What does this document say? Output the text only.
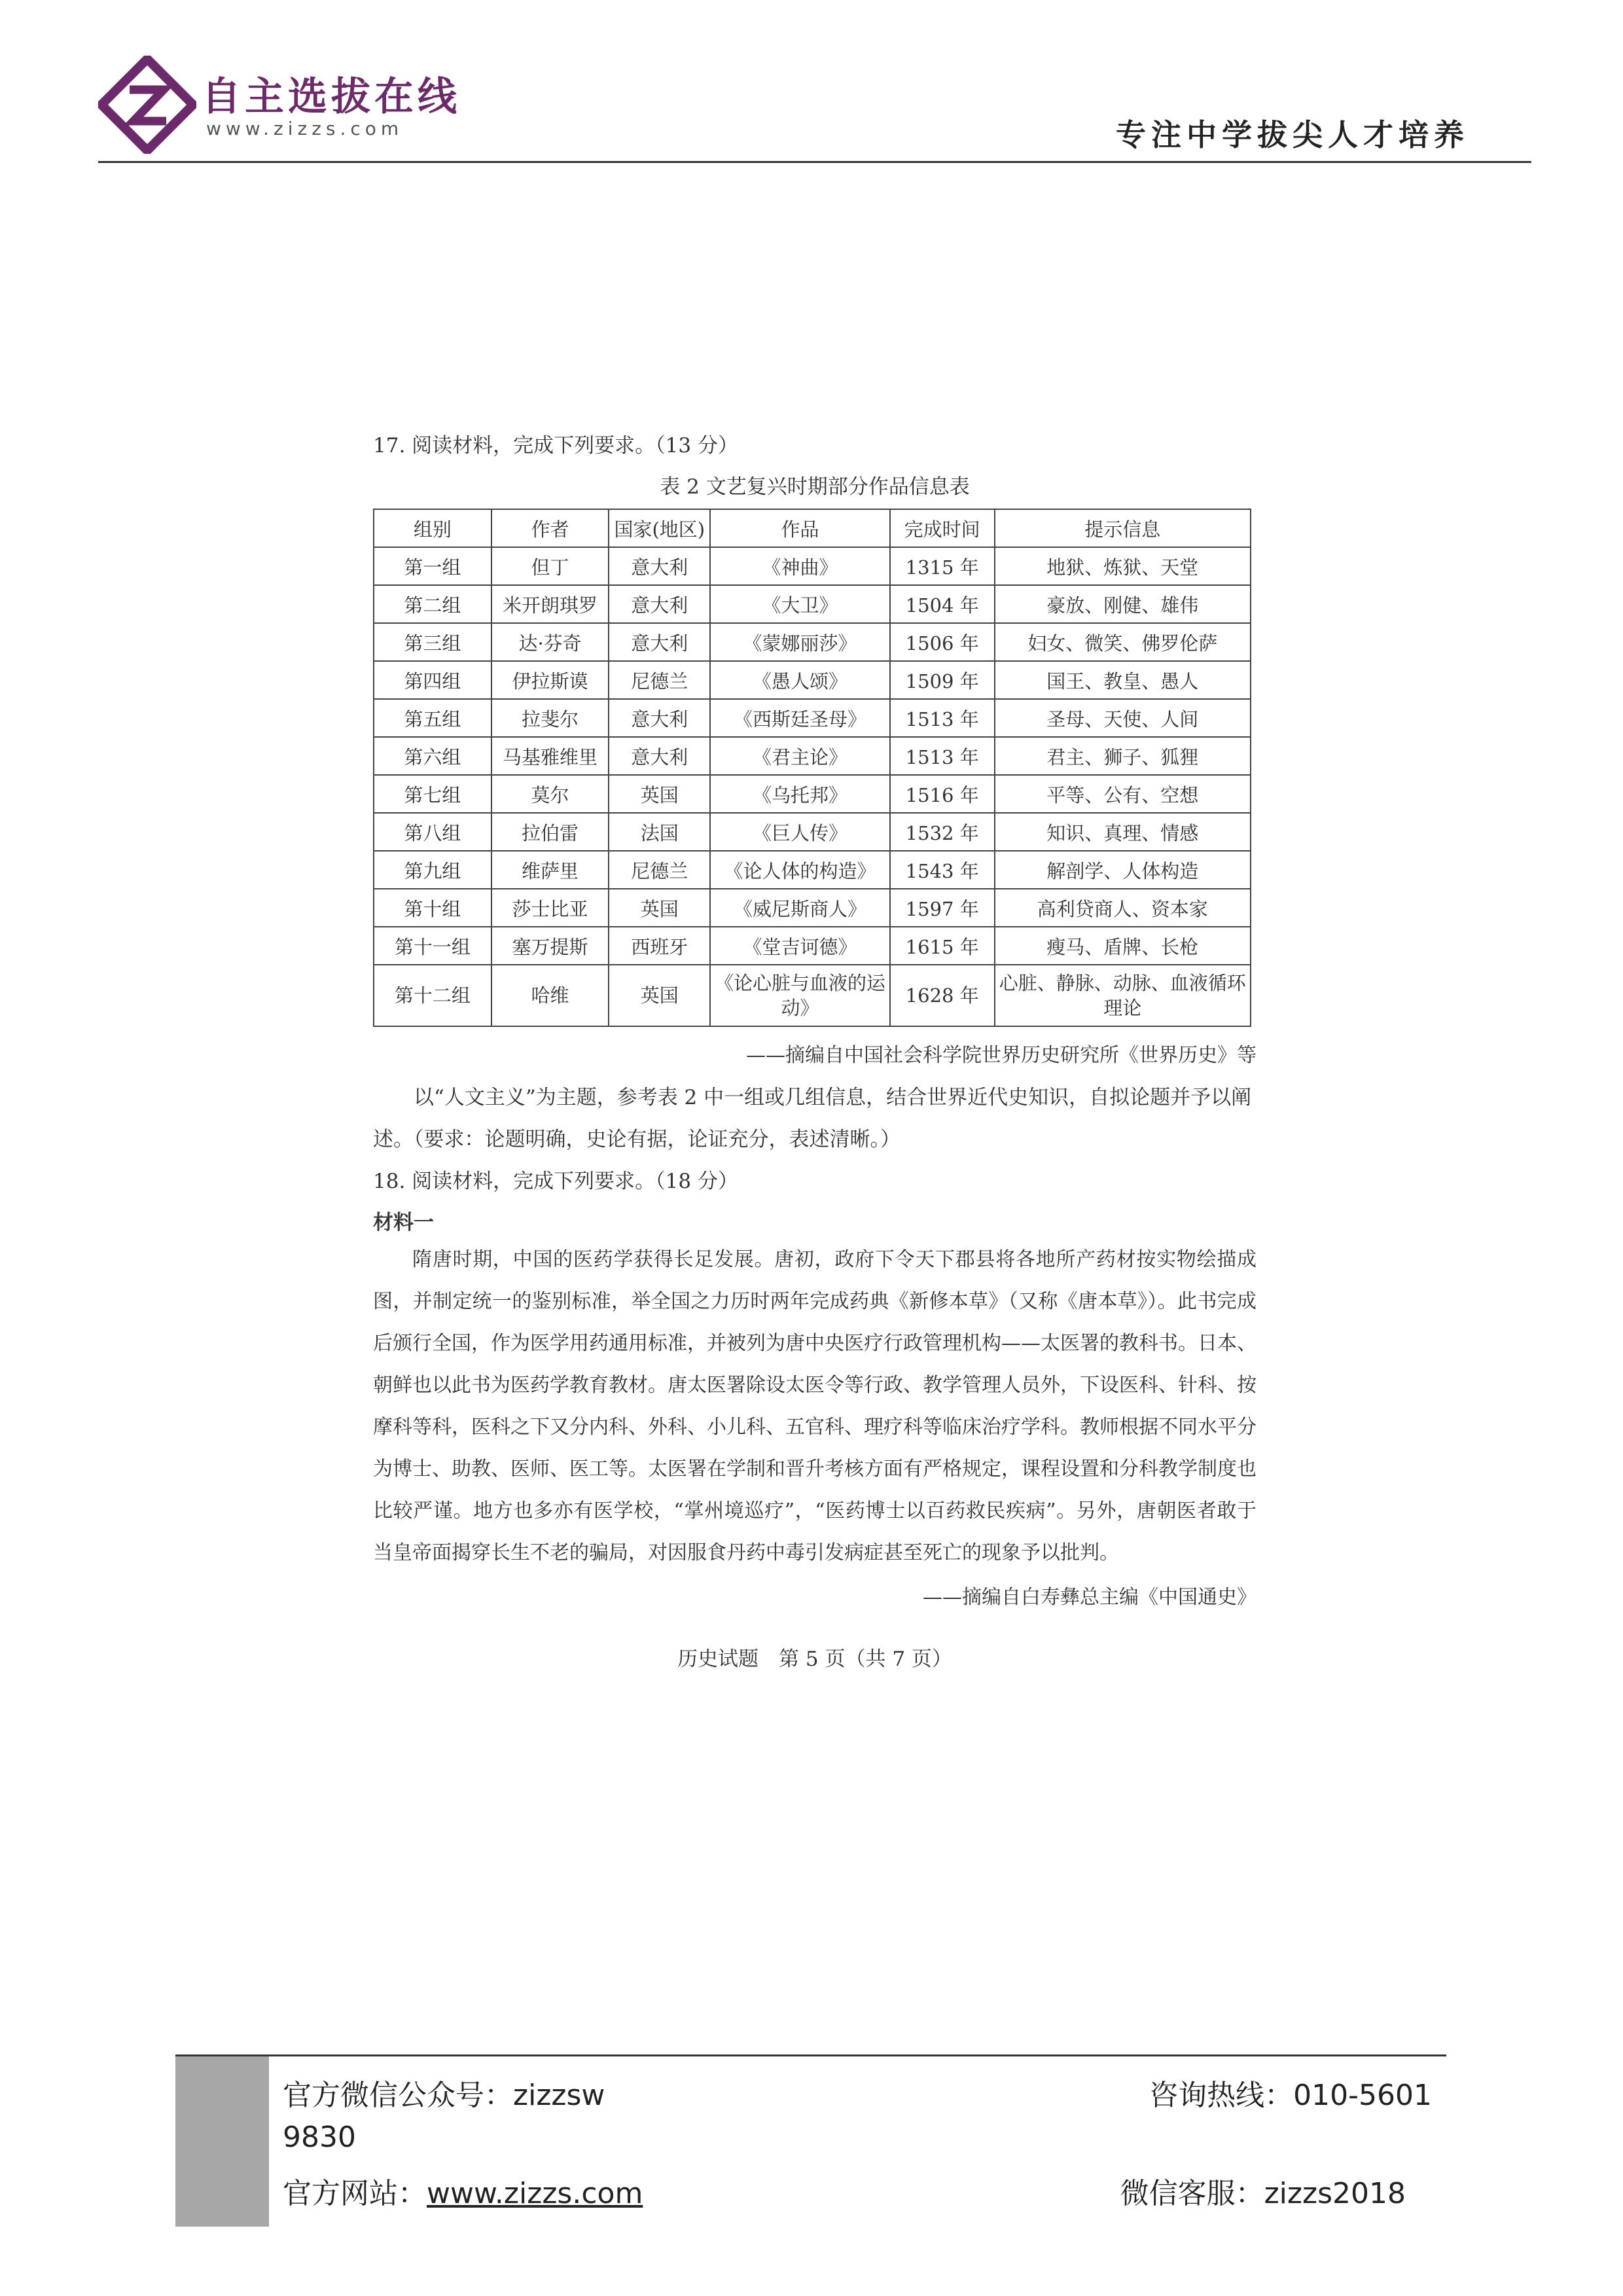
自主选拔在线
www.zizzs.com	专注中学拔尖人才培养

17. 阅读材料，完成下列要求。（13 分）

表 2 文艺复兴时期部分作品信息表

组别	作者	国家(地区)	作品	完成时间	提示信息
第一组	但丁	意大利	《神曲》	1315 年	地狱、炼狱、天堂
第二组	米开朗琪罗	意大利	《大卫》	1504 年	豪放、刚健、雄伟
第三组	达·芬奇	意大利	《蒙娜丽莎》	1506 年	妇女、微笑、佛罗伦萨
第四组	伊拉斯谟	尼德兰	《愚人颂》	1509 年	国王、教皇、愚人
第五组	拉斐尔	意大利	《西斯廷圣母》	1513 年	圣母、天使、人间
第六组	马基雅维里	意大利	《君主论》	1513 年	君主、狮子、狐狸
第七组	莫尔	英国	《乌托邦》	1516 年	平等、公有、空想
第八组	拉伯雷	法国	《巨人传》	1532 年	知识、真理、情感
第九组	维萨里	尼德兰	《论人体的构造》	1543 年	解剖学、人体构造
第十组	莎士比亚	英国	《威尼斯商人》	1597 年	高利贷商人、资本家
第十一组	塞万提斯	西班牙	《堂吉诃德》	1615 年	瘦马、盾牌、长枪
第十二组	哈维	英国	《论心脏与血液的运动》	1628 年	心脏、静脉、动脉、血液循环理论

——摘编自中国社会科学院世界历史研究所《世界历史》等

以“人文主义”为主题，参考表 2 中一组或几组信息，结合世界近代史知识，自拟论题并予以阐述。（要求：论题明确，史论有据，论证充分，表述清晰。）

18. 阅读材料，完成下列要求。（18 分）

材料一

隋唐时期，中国的医药学获得长足发展。唐初，政府下令天下郡县将各地所产药材按实物绘描成图，并制定统一的鉴别标准，举全国之力历时两年完成药典《新修本草》（又称《唐本草》）。此书完成后颁行全国，作为医学用药通用标准，并被列为唐中央医疗行政管理机构——太医署的教科书。日本、朝鲜也以此书为医药学教育教材。唐太医署除设太医令等行政、教学管理人员外，下设医科、针科、按摩科等科，医科之下又分内科、外科、小儿科、五官科、理疗科等临床治疗学科。教师根据不同水平分为博士、助教、医师、医工等。太医署在学制和晋升考核方面有严格规定，课程设置和分科教学制度也比较严谨。地方也多亦有医学校，“掌州境巡疗”，“医药博士以百药救民疾病”。另外，唐朝医者敢于当皇帝面揭穿长生不老的骗局，对因服食丹药中毒引发病症甚至死亡的现象予以批判。

——摘编自白寿彝总主编《中国通史》

历史试题　第 5 页（共 7 页）

官方微信公众号：zizzsw
9830
官方网站：www.zizzs.com
咨询热线：010-5601
微信客服：zizzs2018
